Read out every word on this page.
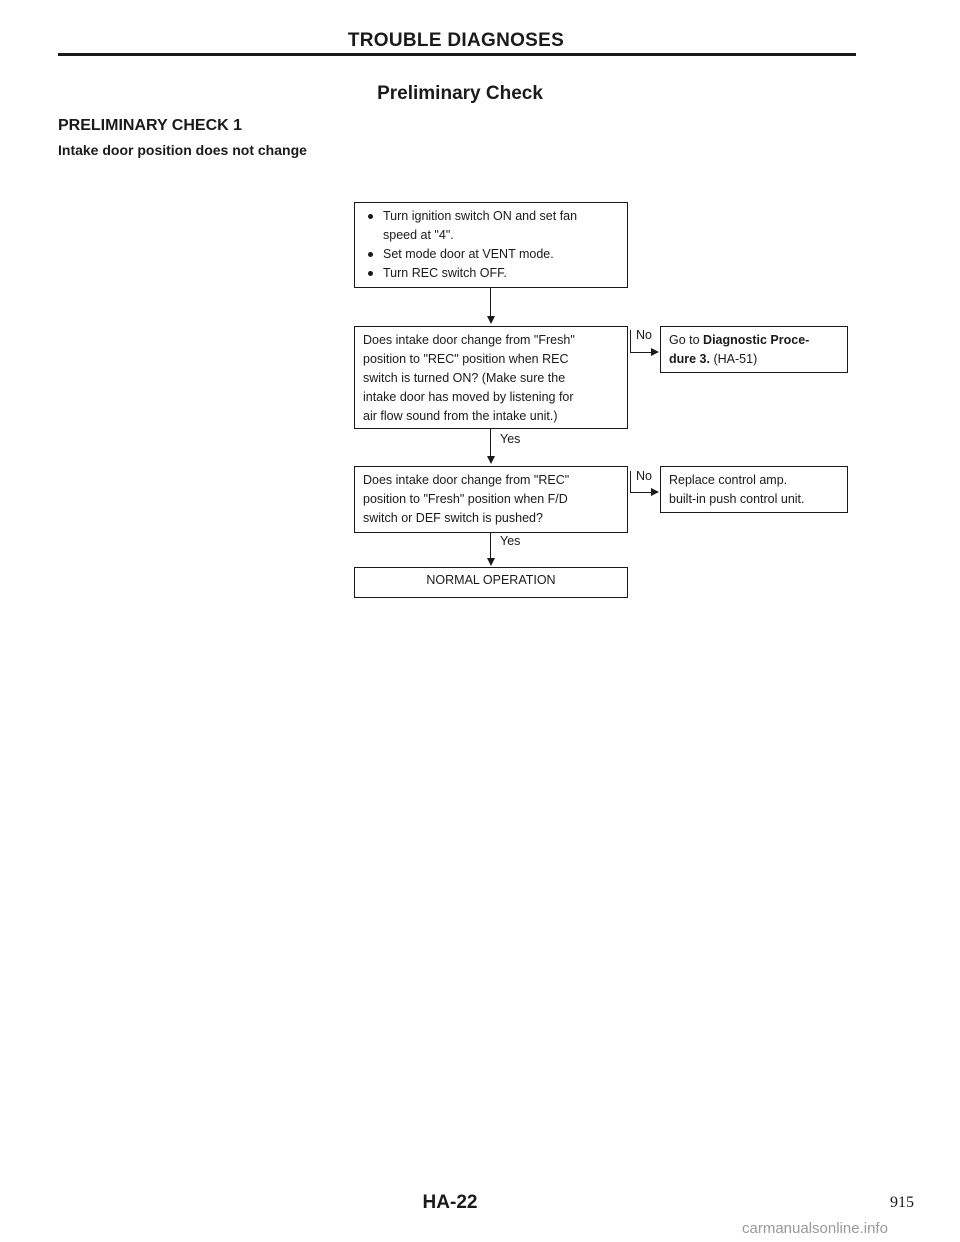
TROUBLE DIAGNOSES
Preliminary Check
PRELIMINARY CHECK 1
Intake door position does not change
Turn ignition switch ON and set fan
speed at "4".
Set mode door at VENT mode.
Turn REC switch OFF.
Does intake door change from "Fresh"
position to "REC" position when REC
switch is turned ON? (Make sure the
intake door has moved by listening for
air flow sound from the intake unit.)
No Go to Diagnostic Proce-
dure 3. (HA-51)
Yes
Does intake door change from "REC"
position to "Fresh" position when F/D
switch or DEF switch is pushed?
No Replace control amp.
built-in push control unit.
Yes
NORMAL OPERATION
HA-22	915
carmanualsonline.info
